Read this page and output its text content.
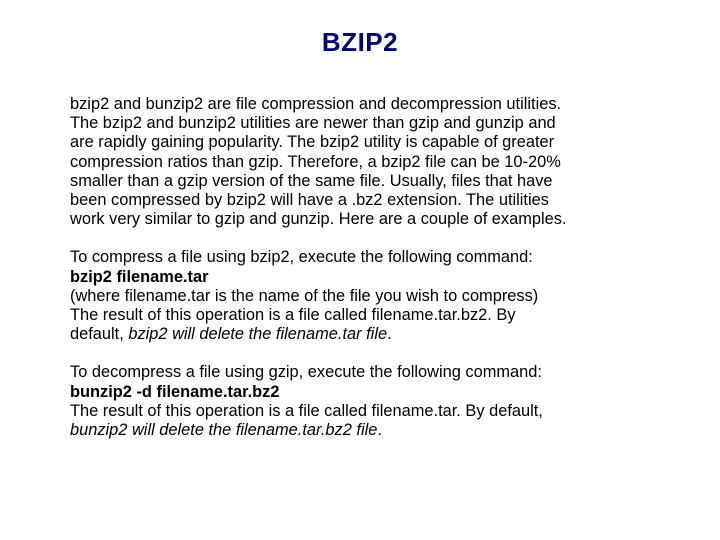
BZIP2
bzip2 and bunzip2 are file compression and decompression utilities.
The bzip2 and bunzip2 utilities are newer than gzip and gunzip and
are rapidly gaining popularity. The bzip2 utility is capable of greater
compression ratios than gzip. Therefore, a bzip2 file can be 10-20%
smaller than a gzip version of the same file. Usually, files that have
been compressed by bzip2 will have a .bz2 extension. The utilities
work very similar to gzip and gunzip. Here are a couple of examples.
To compress a file using bzip2, execute the following command:
bzip2 filename.tar
(where filename.tar is the name of the file you wish to compress)
The result of this operation is a file called filename.tar.bz2. By
default, bzip2 will delete the filename.tar file.
To decompress a file using gzip, execute the following command:
bunzip2 -d filename.tar.bz2
The result of this operation is a file called filename.tar. By default,
bunzip2 will delete the filename.tar.bz2 file.
